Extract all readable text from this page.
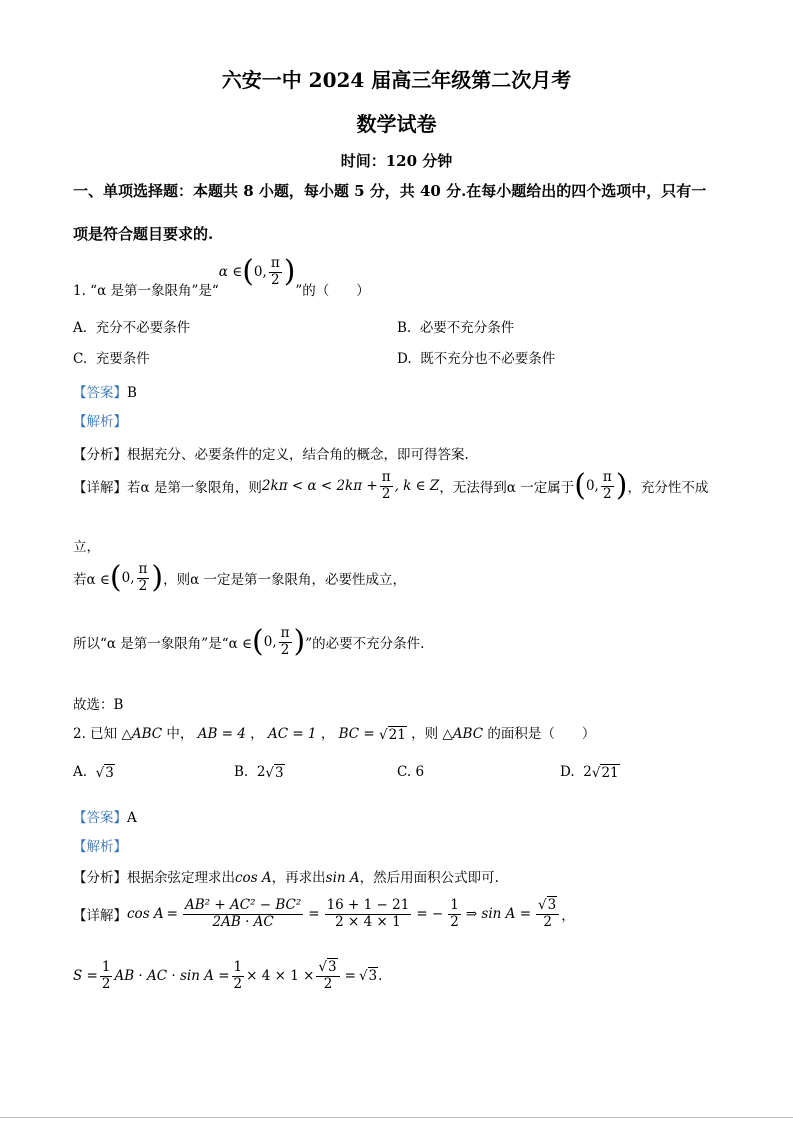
六安一中 2024 届高三年级第二次月考
数学试卷
时间：120 分钟
一、单项选择题：本题共 8 小题，每小题 5 分，共 40 分.在每小题给出的四个选项中，只有一
项是符合题目要求的.
1. “α 是第一象限角”是“
α ∈ ( 0, $\frac{\pi}{2}$ )
”的（　　）
A. 充分不必要条件	B. 必要不充分条件
C. 充要条件	D. 既不充分也不必要条件
【答案】B
【解析】
【分析】根据充分、必要条件的定义，结合角的概念，即可得答案.
【详解】若α 是第一象限角，则 $2k\pi < \alpha < 2k\pi + \frac{\pi}{2}$ , k ∈ Z ，无法得到α 一定属于 ( 0, $\frac{\pi}{2}$ ) ，充分性不成
立，
若α ∈ ( 0, $\frac{\pi}{2}$ ) ，则α 一定是第一象限角，必要性成立，
所以“α 是第一象限角”是“α ∈ ( 0, $\frac{\pi}{2}$ ) ”的必要不充分条件.
故选：B
2. 已知 △ABC 中， AB = 4 ， AC = 1 ， BC = √21 ，则 △ABC 的面积是（　　）
A. √3	B. 2√3	C. 6	D. 2√21
【答案】A
【解析】
【分析】根据余弦定理求出cos A，再求出sin A，然后用面积公式即可.
【详解】 $\cos A = \frac{\text{AB² + AC² − BC²}}{2AB \cdot AC} = \frac{16 + 1 - 21}{2 \times 4 \times 1}$ = − $\frac{1}{2}$ ⇒ $\sin A = \frac{√3}{2}$ ，
$S = \frac{1}{2}$ AB · AC · $\sin A = \frac{1}{2} \times 4 \times 1 \times \frac{√3}{2} = √3$ .
